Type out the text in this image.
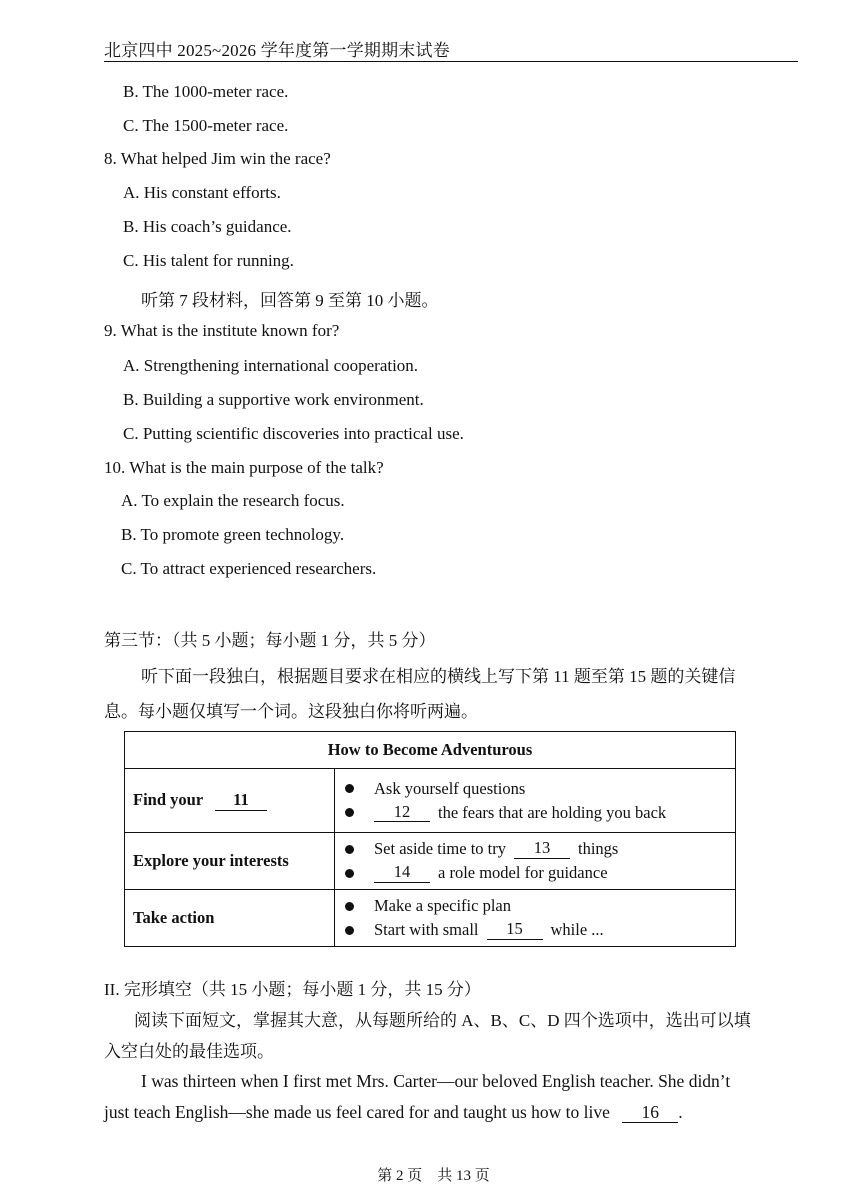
北京四中 2025~2026 学年度第一学期期末试卷
B. The 1000-meter race.
C. The 1500-meter race.
8. What helped Jim win the race?
A. His constant efforts.
B. His coach’s guidance.
C. His talent for running.
听第 7 段材料，回答第 9 至第 10 小题。
9. What is the institute known for?
A. Strengthening international cooperation.
B. Building a supportive work environment.
C. Putting scientific discoveries into practical use.
10. What is the main purpose of the talk?
A. To explain the research focus.
B. To promote green technology.
C. To attract experienced researchers.
第三节：（共 5 小题；每小题 1 分，共 5 分）
听下面一段独白，根据题目要求在相应的横线上写下第 11 题至第 15 题的关键信
息。每小题仅填写一个词。这段独白你将听两遍。
How to Become Adventurous	
Find your 11	Ask yourself questions
12 the fears that are holding you back

Explore your interests	Set aside time to try 13 things
14 a role model for guidance

Take action	Make a specific plan
Start with small 15 while ...
II. 完形填空（共 15 小题；每小题 1 分，共 15 分）
阅读下面短文，掌握其大意，从每题所给的 A、B、C、D 四个选项中，选出可以填
入空白处的最佳选项。
I was thirteen when I first met Mrs. Carter—our beloved English teacher. She didn’t
just teach English—she made us feel cared for and taught us how to live 16 .
第 2 页　共 13 页
